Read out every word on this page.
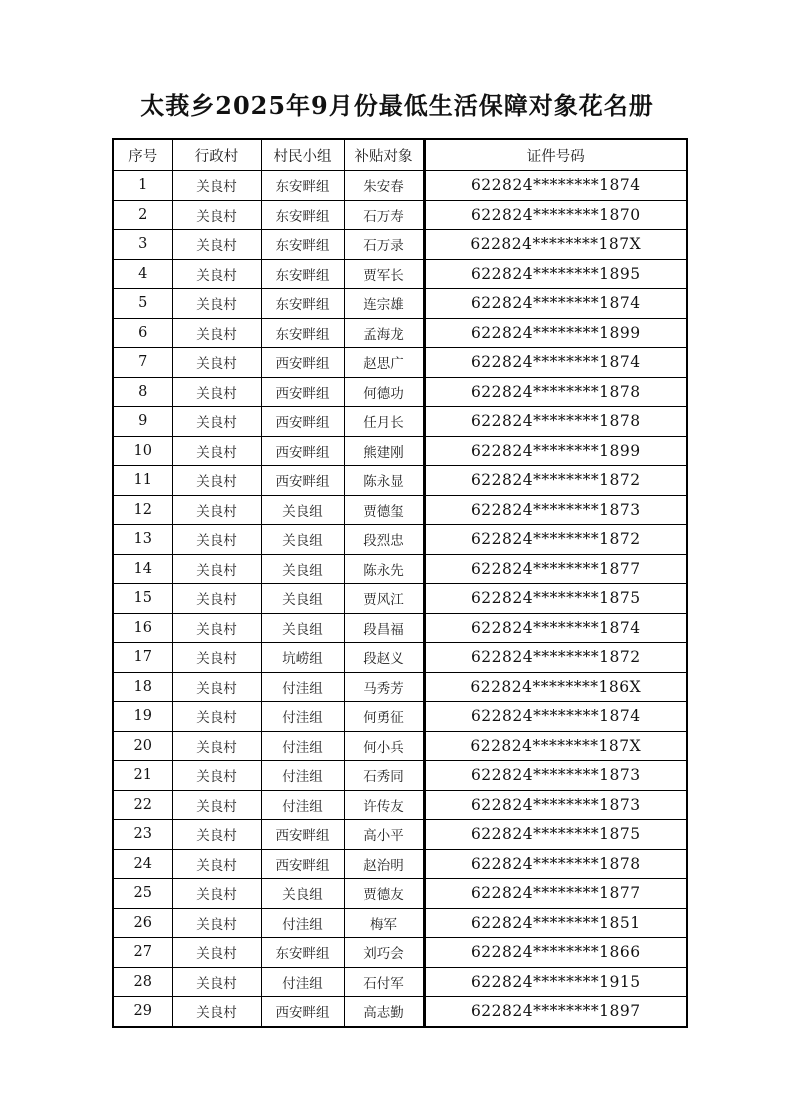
太莪乡2025年9月份最低生活保障对象花名册
序号	行政村	村民小组	补贴对象	证件号码
1	关良村	东安畔组	朱安春	622824********1874
2	关良村	东安畔组	石万寿	622824********1870
3	关良村	东安畔组	石万录	622824********187X
4	关良村	东安畔组	贾军长	622824********1895
5	关良村	东安畔组	连宗雄	622824********1874
6	关良村	东安畔组	孟海龙	622824********1899
7	关良村	西安畔组	赵思广	622824********1874
8	关良村	西安畔组	何德功	622824********1878
9	关良村	西安畔组	任月长	622824********1878
10	关良村	西安畔组	熊建刚	622824********1899
11	关良村	西安畔组	陈永显	622824********1872
12	关良村	关良组	贾德玺	622824********1873
13	关良村	关良组	段烈忠	622824********1872
14	关良村	关良组	陈永先	622824********1877
15	关良村	关良组	贾风江	622824********1875
16	关良村	关良组	段昌福	622824********1874
17	关良村	坑崂组	段赵义	622824********1872
18	关良村	付洼组	马秀芳	622824********186X
19	关良村	付洼组	何勇征	622824********1874
20	关良村	付洼组	何小兵	622824********187X
21	关良村	付洼组	石秀同	622824********1873
22	关良村	付洼组	许传友	622824********1873
23	关良村	西安畔组	高小平	622824********1875
24	关良村	西安畔组	赵治明	622824********1878
25	关良村	关良组	贾德友	622824********1877
26	关良村	付洼组	梅军	622824********1851
27	关良村	东安畔组	刘巧会	622824********1866
28	关良村	付洼组	石付军	622824********1915
29	关良村	西安畔组	高志勤	622824********1897
